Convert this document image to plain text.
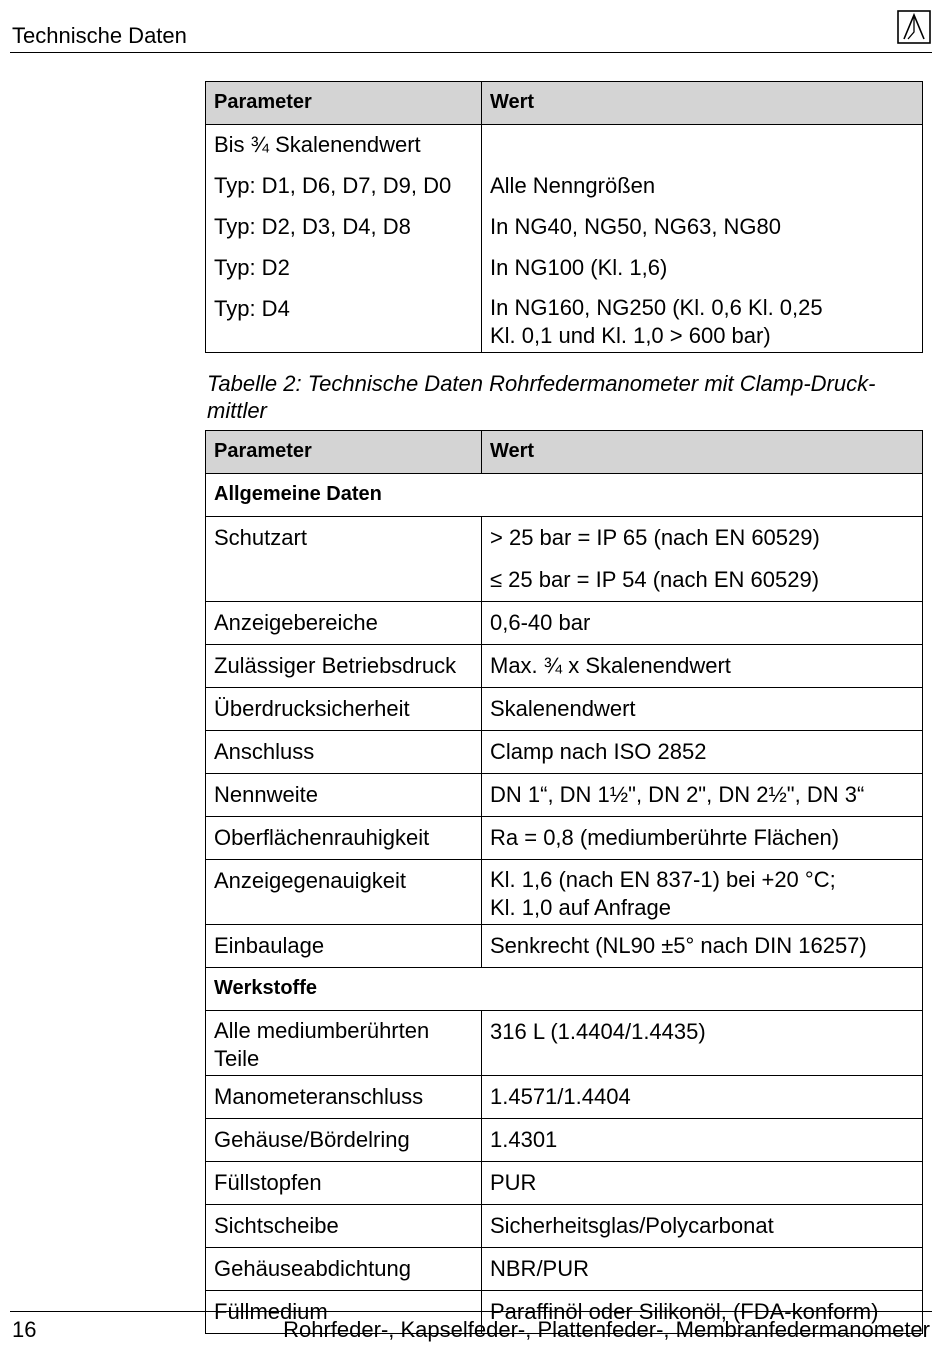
Technische Daten
Parameter	Wert
Bis ¾ Skalenendwert	
Typ: D1, D6, D7, D9, D0	Alle Nenngrößen
Typ: D2, D3, D4, D8	In NG40, NG50, NG63, NG80
Typ: D2	In NG100 (Kl. 1,6)
Typ: D4	In NG160, NG250 (Kl. 0,6 Kl. 0,25
Kl. 0,1 und Kl. 1,0 > 600 bar)
Tabelle 2: Technische Daten Rohrfedermanometer mit Clamp-Druck-
mittler
Parameter	Wert
Allgemeine Daten	
Schutzart	> 25 bar = IP 65 (nach EN 60529)
	≤ 25 bar = IP 54 (nach EN 60529)
Anzeigebereiche	0,6-40 bar
Zulässiger Betriebsdruck	Max. ¾ x Skalenendwert
Überdrucksicherheit	Skalenendwert
Anschluss	Clamp nach ISO 2852
Nennweite	DN 1“, DN 1½", DN 2", DN 2½", DN 3“
Oberflächenrauhigkeit	Ra = 0,8 (mediumberührte Flächen)
Anzeigegenauigkeit	Kl. 1,6 (nach EN 837-1) bei +20 °C;
Kl. 1,0 auf Anfrage
Einbaulage	Senkrecht (NL90 ±5° nach DIN 16257)
Werkstoffe	
Alle mediumberührten
Teile	316 L (1.4404/1.4435)
Manometeranschluss	1.4571/1.4404
Gehäuse/Bördelring	1.4301
Füllstopfen	PUR
Sichtscheibe	Sicherheitsglas/Polycarbonat
Gehäuseabdichtung	NBR/PUR
Füllmedium	Paraffinöl oder Silikonöl, (FDA-konform)
16	Rohrfeder-, Kapselfeder-, Plattenfeder-, Membranfedermanometer
